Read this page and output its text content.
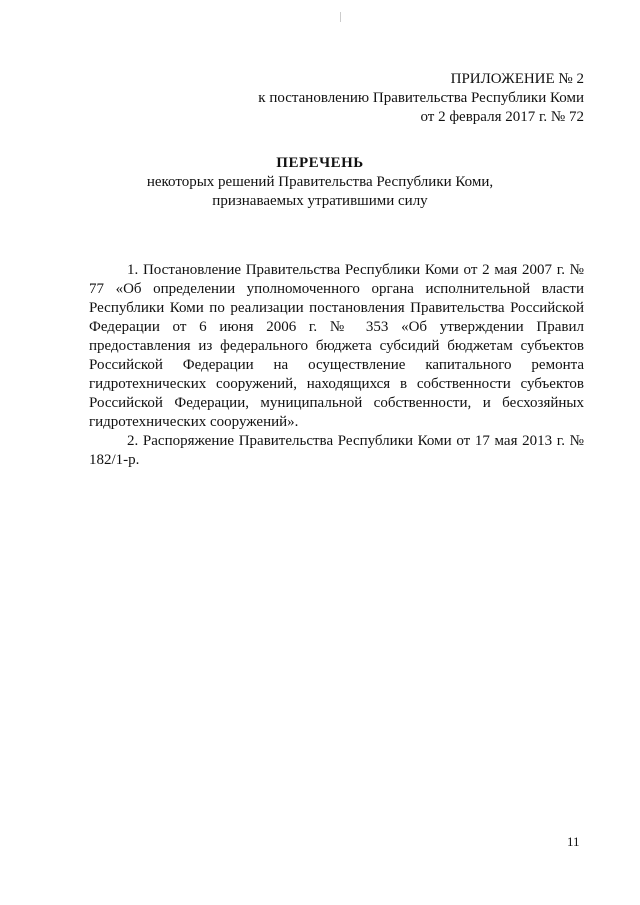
ПРИЛОЖЕНИЕ № 2
к постановлению Правительства Республики Коми
от 2 февраля 2017 г. № 72
ПЕРЕЧЕНЬ
некоторых решений Правительства Республики Коми,
признаваемых утратившими силу

1. Постановление Правительства Республики Коми от 2 мая 2007 г. № 77 «Об определении уполномоченного органа исполнительной власти Республики Коми по реализации постановления Правительства Российской Федерации от 6 июня 2006 г. № 353 «Об утверждении Правил предоставления из федерального бюджета субсидий бюджетам субъектов Российской Федерации на осуществление капитального ремонта гидротехнических сооружений, находящихся в собственности субъектов Российской Федерации, муниципальной собственности, и бесхозяйных гидротехнических сооружений».

2. Распоряжение Правительства Республики Коми от 17 мая 2013 г. № 182/1-р.

11
